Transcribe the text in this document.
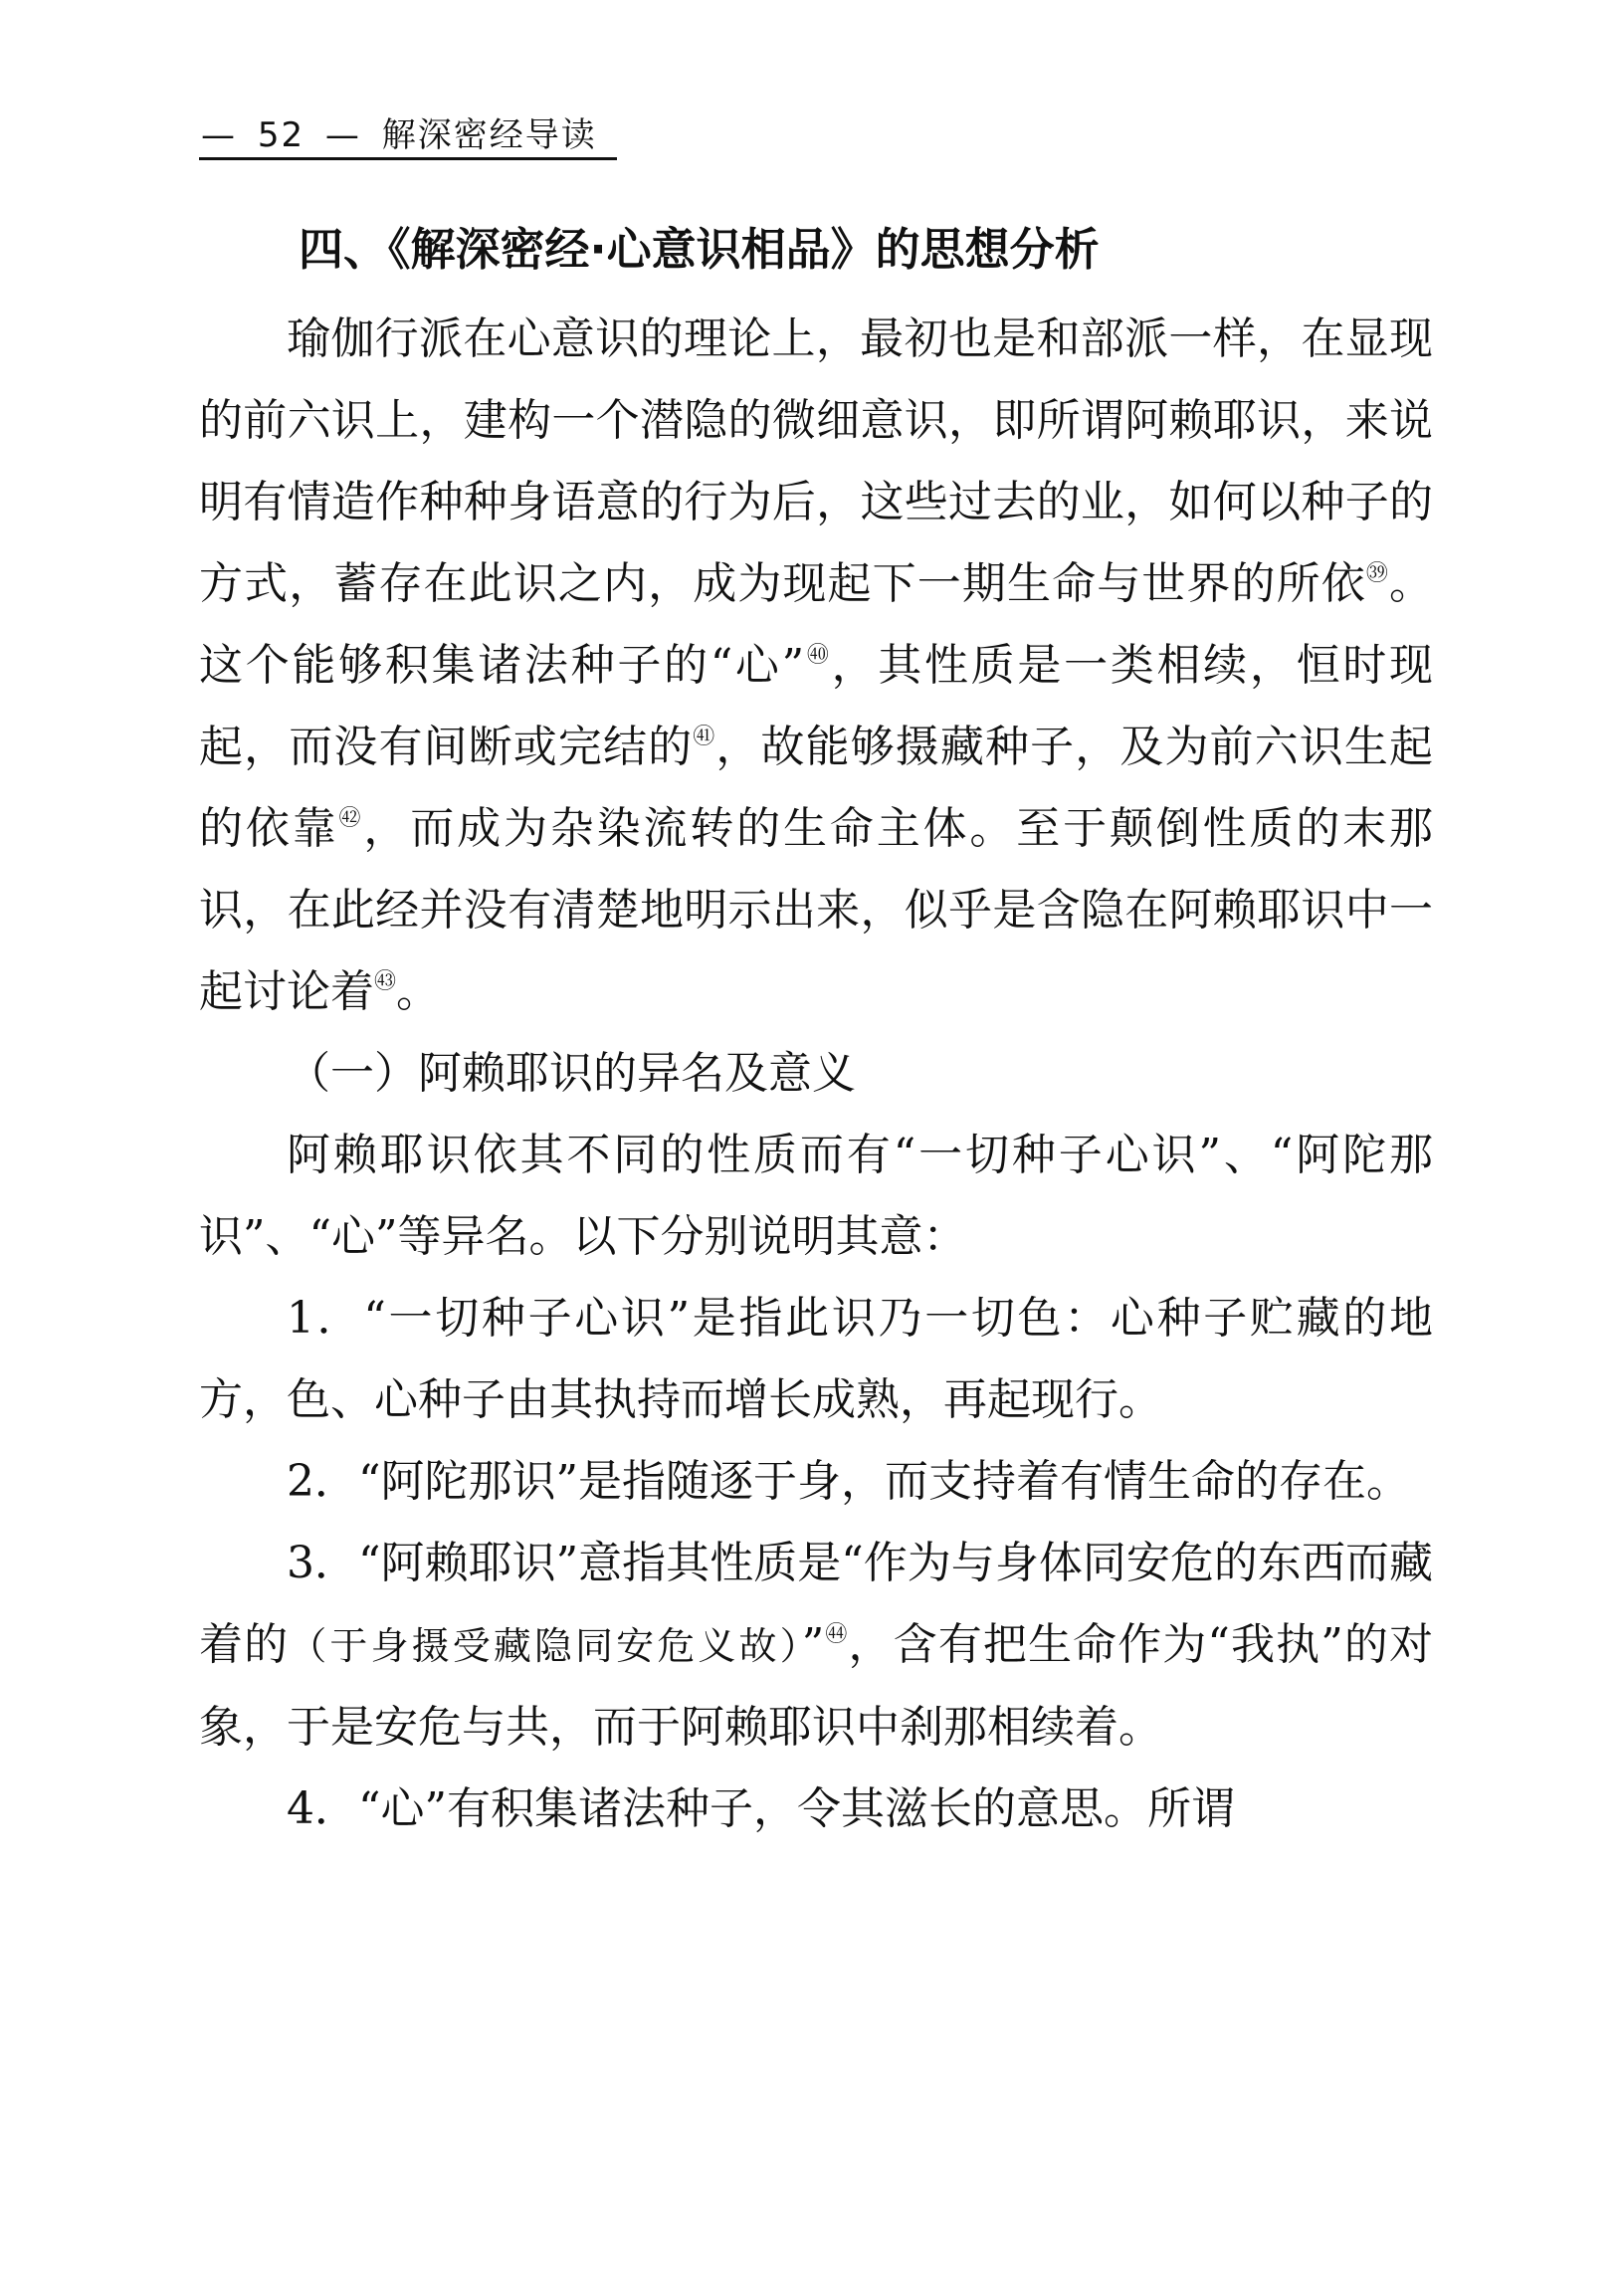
— 52 — 解深密经导读
四、《解深密经·心意识相品》的思想分析

瑜伽行派在心意识的理论上，最初也是和部派一样，在显现的前六识上，建构一个潜隐的微细意识，即所谓阿赖耶识，来说明有情造作种种身语意的行为后，这些过去的业，如何以种子的方式，蓄存在此识之内，成为现起下一期生命与世界的所依$^㊴$。这个能够积集诸法种子的“心”$^㊵$，其性质是一类相续，恒时现起，而没有间断或完结的$^㊶$，故能够摄藏种子，及为前六识生起的依靠$^㊷$，而成为杂染流转的生命主体。至于颠倒性质的末那识，在此经并没有清楚地明示出来，似乎是含隐在阿赖耶识中一起讨论着$^㊸$。

（一）阿赖耶识的异名及意义

阿赖耶识依其不同的性质而有“一切种子心识”、“阿陀那识”、“心”等异名。以下分别说明其意：

1．“一切种子心识”是指此识乃一切色：心种子贮藏的地方，色、心种子由其执持而增长成熟，再起现行。

2．“阿陀那识”是指随逐于身，而支持着有情生命的存在。

3．“阿赖耶识”意指其性质是“作为与身体同安危的东西而藏着的（于身摄受藏隐同安危义故）”$^㊹$，含有把生命作为“我执”的对象，于是安危与共，而于阿赖耶识中刹那相续着。

4．“心”有积集诸法种子，令其滋长的意思。所谓
